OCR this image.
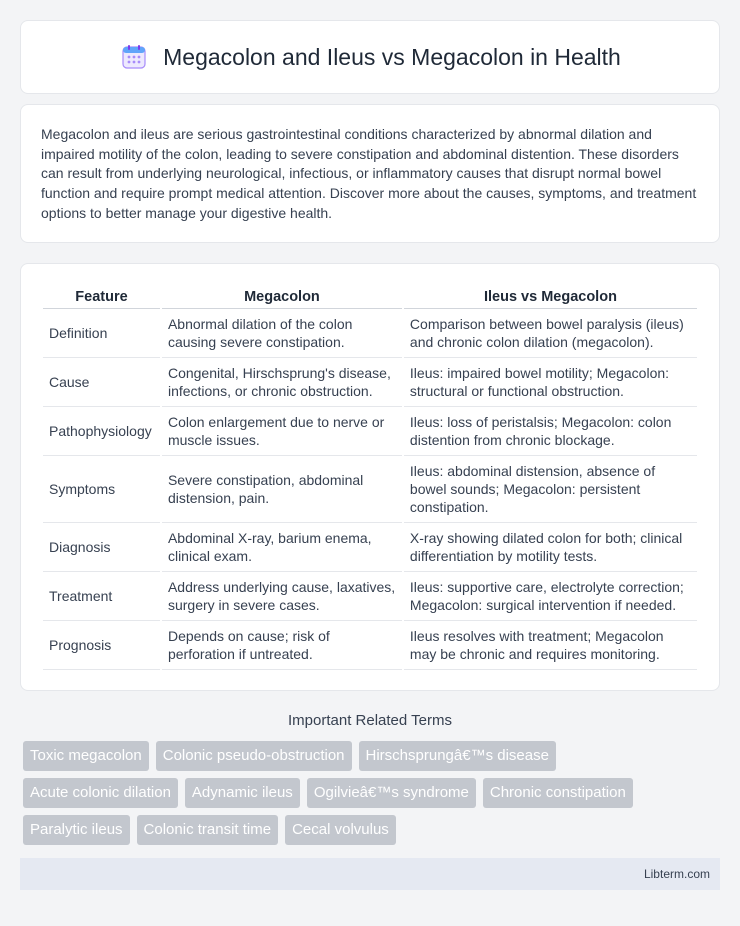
Megacolon and Ileus vs Megacolon in Health

Megacolon and ileus are serious gastrointestinal conditions characterized by abnormal dilation and impaired motility of the colon, leading to severe constipation and abdominal distention. These disorders can result from underlying neurological, infectious, or inflammatory causes that disrupt normal bowel function and require prompt medical attention. Discover more about the causes, symptoms, and treatment options to better manage your digestive health.

Feature	Megacolon	Ileus vs Megacolon
Definition	Abnormal dilation of the colon causing severe constipation.	Comparison between bowel paralysis (ileus) and chronic colon dilation (megacolon).
Cause	Congenital, Hirschsprung's disease, infections, or chronic obstruction.	Ileus: impaired bowel motility; Megacolon: structural or functional obstruction.
Pathophysiology	Colon enlargement due to nerve or muscle issues.	Ileus: loss of peristalsis; Megacolon: colon distention from chronic blockage.
Symptoms	Severe constipation, abdominal distension, pain.	Ileus: abdominal distension, absence of bowel sounds; Megacolon: persistent constipation.
Diagnosis	Abdominal X-ray, barium enema, clinical exam.	X-ray showing dilated colon for both; clinical differentiation by motility tests.
Treatment	Address underlying cause, laxatives, surgery in severe cases.	Ileus: supportive care, electrolyte correction; Megacolon: surgical intervention if needed.
Prognosis	Depends on cause; risk of perforation if untreated.	Ileus resolves with treatment; Megacolon may be chronic and requires monitoring.
Important Related Terms
Toxic megacolon	Colonic pseudo-obstruction	Hirschsprungâ€™s disease
Acute colonic dilation	Adynamic ileus	Ogilvieâ€™s syndrome	Chronic constipation
Paralytic ileus	Colonic transit time	Cecal volvulus
Libterm.com
